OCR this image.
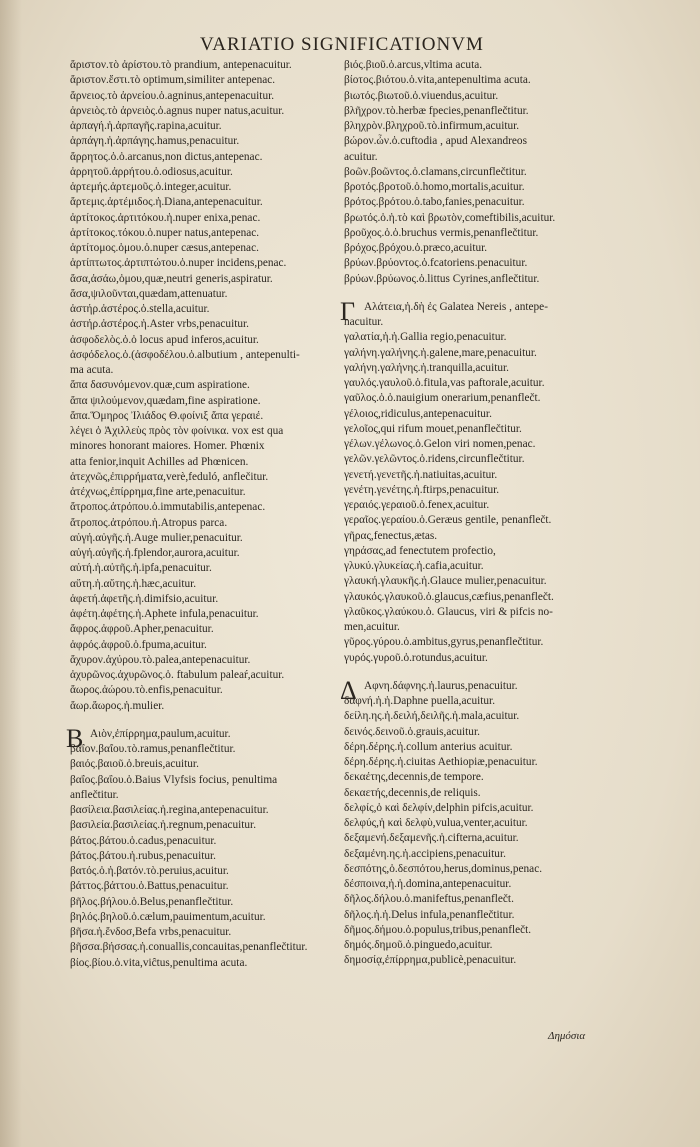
VARIATIO SIGNIFICATIONVM
ἄριστον.τὸ ἀρίστου.τὸ prandium, antepenacuitur.
ἄριστον.ἔστι.τὸ optimum,similiter antepenac.
ἄρνειος.τὸ ἀρνείου.ὁ.agninus,antepenacuitur.
ἀρνειὸς.τὸ ἀρνειὸς.ὁ.agnus nuper natus,acuitur.
ἁρπαγή.ἡ.ἁρπαγῆς.rapina,acuitur.
ἁρπάγη.ἡ.ἁρπάγης.hamus,penacuitur.
ἄρρητος.ὁ.ὁ.arcanus,non dictus,antepenac.
ἀρρητοῦ.ἀρρήτου.ὁ.odiosus,acuitur.
ἀρτεμής.ἀρτεμοῦς.ὁ.integer,acuitur.
ἄρτεμις.ἀρτέμιδος.ἡ.Diana,antepenacuitur.
ἀρτίτοκος.ἀρτιτόκου.ἡ.nuper enixa,penac.
ἀρτίτοκος.τόκου.ὁ.nuper natus,antepenac.
ἀρτίτομος.ὁμου.ὁ.nuper cæsus,antepenac.
ἀρτίπτωτος.ἀρτιπτώτου.ὁ.nuper incidens,penac.
ἄσα,ἀσάω,ὁμου,quæ,neutri generis,aspiratur.
ἄσα,ψιλοῦνται,quædam,attenuatur.
ἀστήρ.ἀστέρος.ὁ.stella,acuitur.
ἀστήρ.ἀστέρος.ἡ.Aster vrbs,penacuitur.
ἀσφοδελὸς.ὁ.ὁ locus apud inferos,acuitur.
ἀσφόδελος.ὁ.(ἀσφοδέλου.ὁ.albutium , antepenulti-
ma acuta.
ἅπα δασυνόμενον.quæ,cum aspiratione.
ἄπα ψιλούμενον,quædam,fine aspiratione.
ἄπα.Ὅμηρος Ἰλιάδος Θ.φοίνιξ ἄπα γεραιέ.
λέγει ὁ Ἀχιλλεὺς πρὸς τὸν φοίνικα. vox est qua
minores honorant maiores. Homer. Phœnix
atta fenior,inquit Achilles ad Phœnicen.
ἀτεχνῶς,ἐπιρρήματα,verè,feduló, anflečitur.
ἀτέχνως,ἐπίρρημα,fine arte,penacuitur.
ἄτροπος.ἀτρόπου.ὁ.immutabilis,antepenac.
ἄτροπος.ἀτρόπου.ἡ.Atropus parca.
αὐγή.αὐγῆς.ἡ.Auge mulier,penacuitur.
αὐγή.αὐγῆς.ἡ.fplendor,aurora,acuitur.
αὐτή.ἡ.αὐτῆς.ἡ.ipfa,penacuitur.
αὕτη.ἡ.αὕτης.ἡ.hæc,acuitur.
ἀφετή.ἀφετῆς.ἡ.dimifsio,acuitur.
ἀφέτη.ἀφέτης.ἡ.Aphete infula,penacuitur.
ἄφρος.ἀφροῦ.Apher,penacuitur.
ἀφρός.ἀφροῦ.ὁ.fpuma,acuitur.
ἄχυρον.ἀχύρου.τὸ.palea,antepenacuitur.
ἀχυρῶνος.ἀχυρῶνος.ὁ. ftabulum paleaŕ,acuitur.
ἄωρος.ἀώρου.τὸ.enfis,penacuitur.
ἄωρ.ἄωρος.ἡ.mulier.
B Αιὸν,ἐπίρρημα,paulum,acuitur.
βαΐον.βαΐου.τὸ.ramus,penanflečtitur.
βαιός.βαιοῦ.ὁ.breuis,acuitur.
βαΐος.βαΐου.ὁ.Baius Vlyfsis focius, penultima
anflečtitur.
βασίλεια.βασιλείας.ἡ.regina,antepenacuitur.
βασιλεία.βασιλείας.ἡ.regnum,penacuitur.
βάτος.βάτου.ὁ.cadus,penacuitur.
βάτος.βάτου.ἡ.rubus,penacuitur.
βατός.ὁ.ἡ.βατόν.τὸ.peruius,acuitur.
βάττος.βάττου.ὁ.Battus,penacuitur.
βῆλος.βήλου.ὁ.Belus,penanflečtitur.
βηλός.βηλοῦ.ὁ.cælum,pauimentum,acuitur.
βῆσα.ἡ.ἔνδοσ,Befa vrbs,penacuitur.
βῆσσα.βήσσας.ἡ.conuallis,concauitas,penanflečtitur.
βίος.βίου.ὁ.vita,viĉtus,penultima acuta.
βιός.βιοῦ.ὁ.arcus,vltima acuta.
βίοτος.βιότου.ὁ.vita,antepenultima acuta.
βιωτός.βιωτοῦ.ὁ.viuendus,acuitur.
βλῆχρον.τὸ.herbæ fpecies,penanflečtitur.
βληχρὸν.βληχροῦ.τὸ.infirmum,acuitur.
βώρον.ὦν.ὁ.cuftodia , apud Alexandreos
acuitur.
βοῶν.βοῶντος.ὁ.clamans,circunflečtitur.
βροτός.βροτοῦ.ὁ.homo,mortalis,acuitur.
βρότος.βρότου.ὁ.tabo,fanies,penacuitur.
βρωτός.ὁ.ἡ.τὸ καὶ βρωτὸν,comeftibilis,acuitur.
βροῦχος.ὁ.ὁ.bruchus vermis,penanflečtitur.
βρόχος.βρόχου.ὁ.præco,acuitur.
βρύων.βρύοντος.ὁ.fcatoriens.penacuitur.
βρύων.βρύωνος.ὁ.littus Cyrines,anflečtitur.
Γ Αλάτεια,ἡ.δὴ ἐς Galatea Nereis , antepe-
nacuitur.
γαλατία,ἡ.ἡ.Gallia regio,penacuitur.
γαλήνη.γαλήνης.ἡ.galene,mare,penacuitur.
γαλήνη.γαλήνης.ἡ.tranquilla,acuitur.
γαυλός.γαυλοῦ.ὁ.fitula,vas paftorale,acuitur.
γαῦλος.ὁ.ὁ.nauigium onerarium,penanflečt.
γέλοιος,ridiculus,antepenacuitur.
γελοῖος,qui rifum mouet,penanflečtitur.
γέλων.γέλωνος.ὁ.Gelon viri nomen,penac.
γελῶν.γελῶντος.ὁ.ridens,circunflečtitur.
γενετή.γενετῆς.ἡ.natiuitas,acuitur.
γενέτη.γενέτης.ἡ.ftirps,penacuitur.
γεραιός.γεραιοῦ.ὁ.fenex,acuitur.
γεραῖος.γεραίου.ὁ.Geræus gentile, penanflečt.
γῆρας,fenectus,ætas.
γηράσας,ad fenectutem profectio,
γλυκύ.γλυκείας.ἡ.cafia,acuitur.
γλαυκή.γλαυκῆς.ἡ.Glauce mulier,penacuitur.
γλαυκός.γλαυκοῦ.ὁ.glaucus,cæfius,penanflečt.
γλαῦκος.γλαύκου.ὁ. Glaucus, viri & pifcis no-
men,acuitur.
γῦρος.γύρου.ὁ.ambitus,gyrus,penanflečtitur.
γυρός.γυροῦ.ὁ.rotundus,acuitur.
Δ Αφνη.δάφνης.ἡ.laurus,penacuitur.
δαφνή.ἡ.ἡ.Daphne puella,acuitur.
δείλη.ης.ἡ.δειλή,δειλῆς.ἡ.mala,acuitur.
δεινός.δεινοῦ.ὁ.grauis,acuitur.
δέρη.δέρης.ἡ.collum anterius acuitur.
δέρη.δέρης.ἡ.ciuitas Aethiopiæ,penacuitur.
δεκαέτης,decennis,de tempore.
δεκαετής,decennis,de reliquis.
δελφίς,ὁ καὶ δελφίν,delphin pifcis,acuitur.
δελφύς,ἡ καὶ δελφὺ,vulua,venter,acuitur.
δεξαμενή.δεξαμενῆς.ἡ.cifterna,acuitur.
δεξαμένη.ης.ἡ.accipiens,penacuitur.
δεσπότης,ὁ.δεσπότου,herus,dominus,penac.
δέσποινα,ἡ.ἡ.domina,antepenacuitur.
δῆλος.δήλου.ὁ.manifeftus,penanflečt.
δῆλος.ἡ.ἡ.Delus infula,penanflečtitur.
δῆμος.δήμου.ὁ.populus,tribus,penanflečt.
δημός.δημοῦ.ὁ.pinguedo,acuitur.
δημοσίᾳ,ἐπίρρημα,publicè,penacuitur.
Δημόσια
